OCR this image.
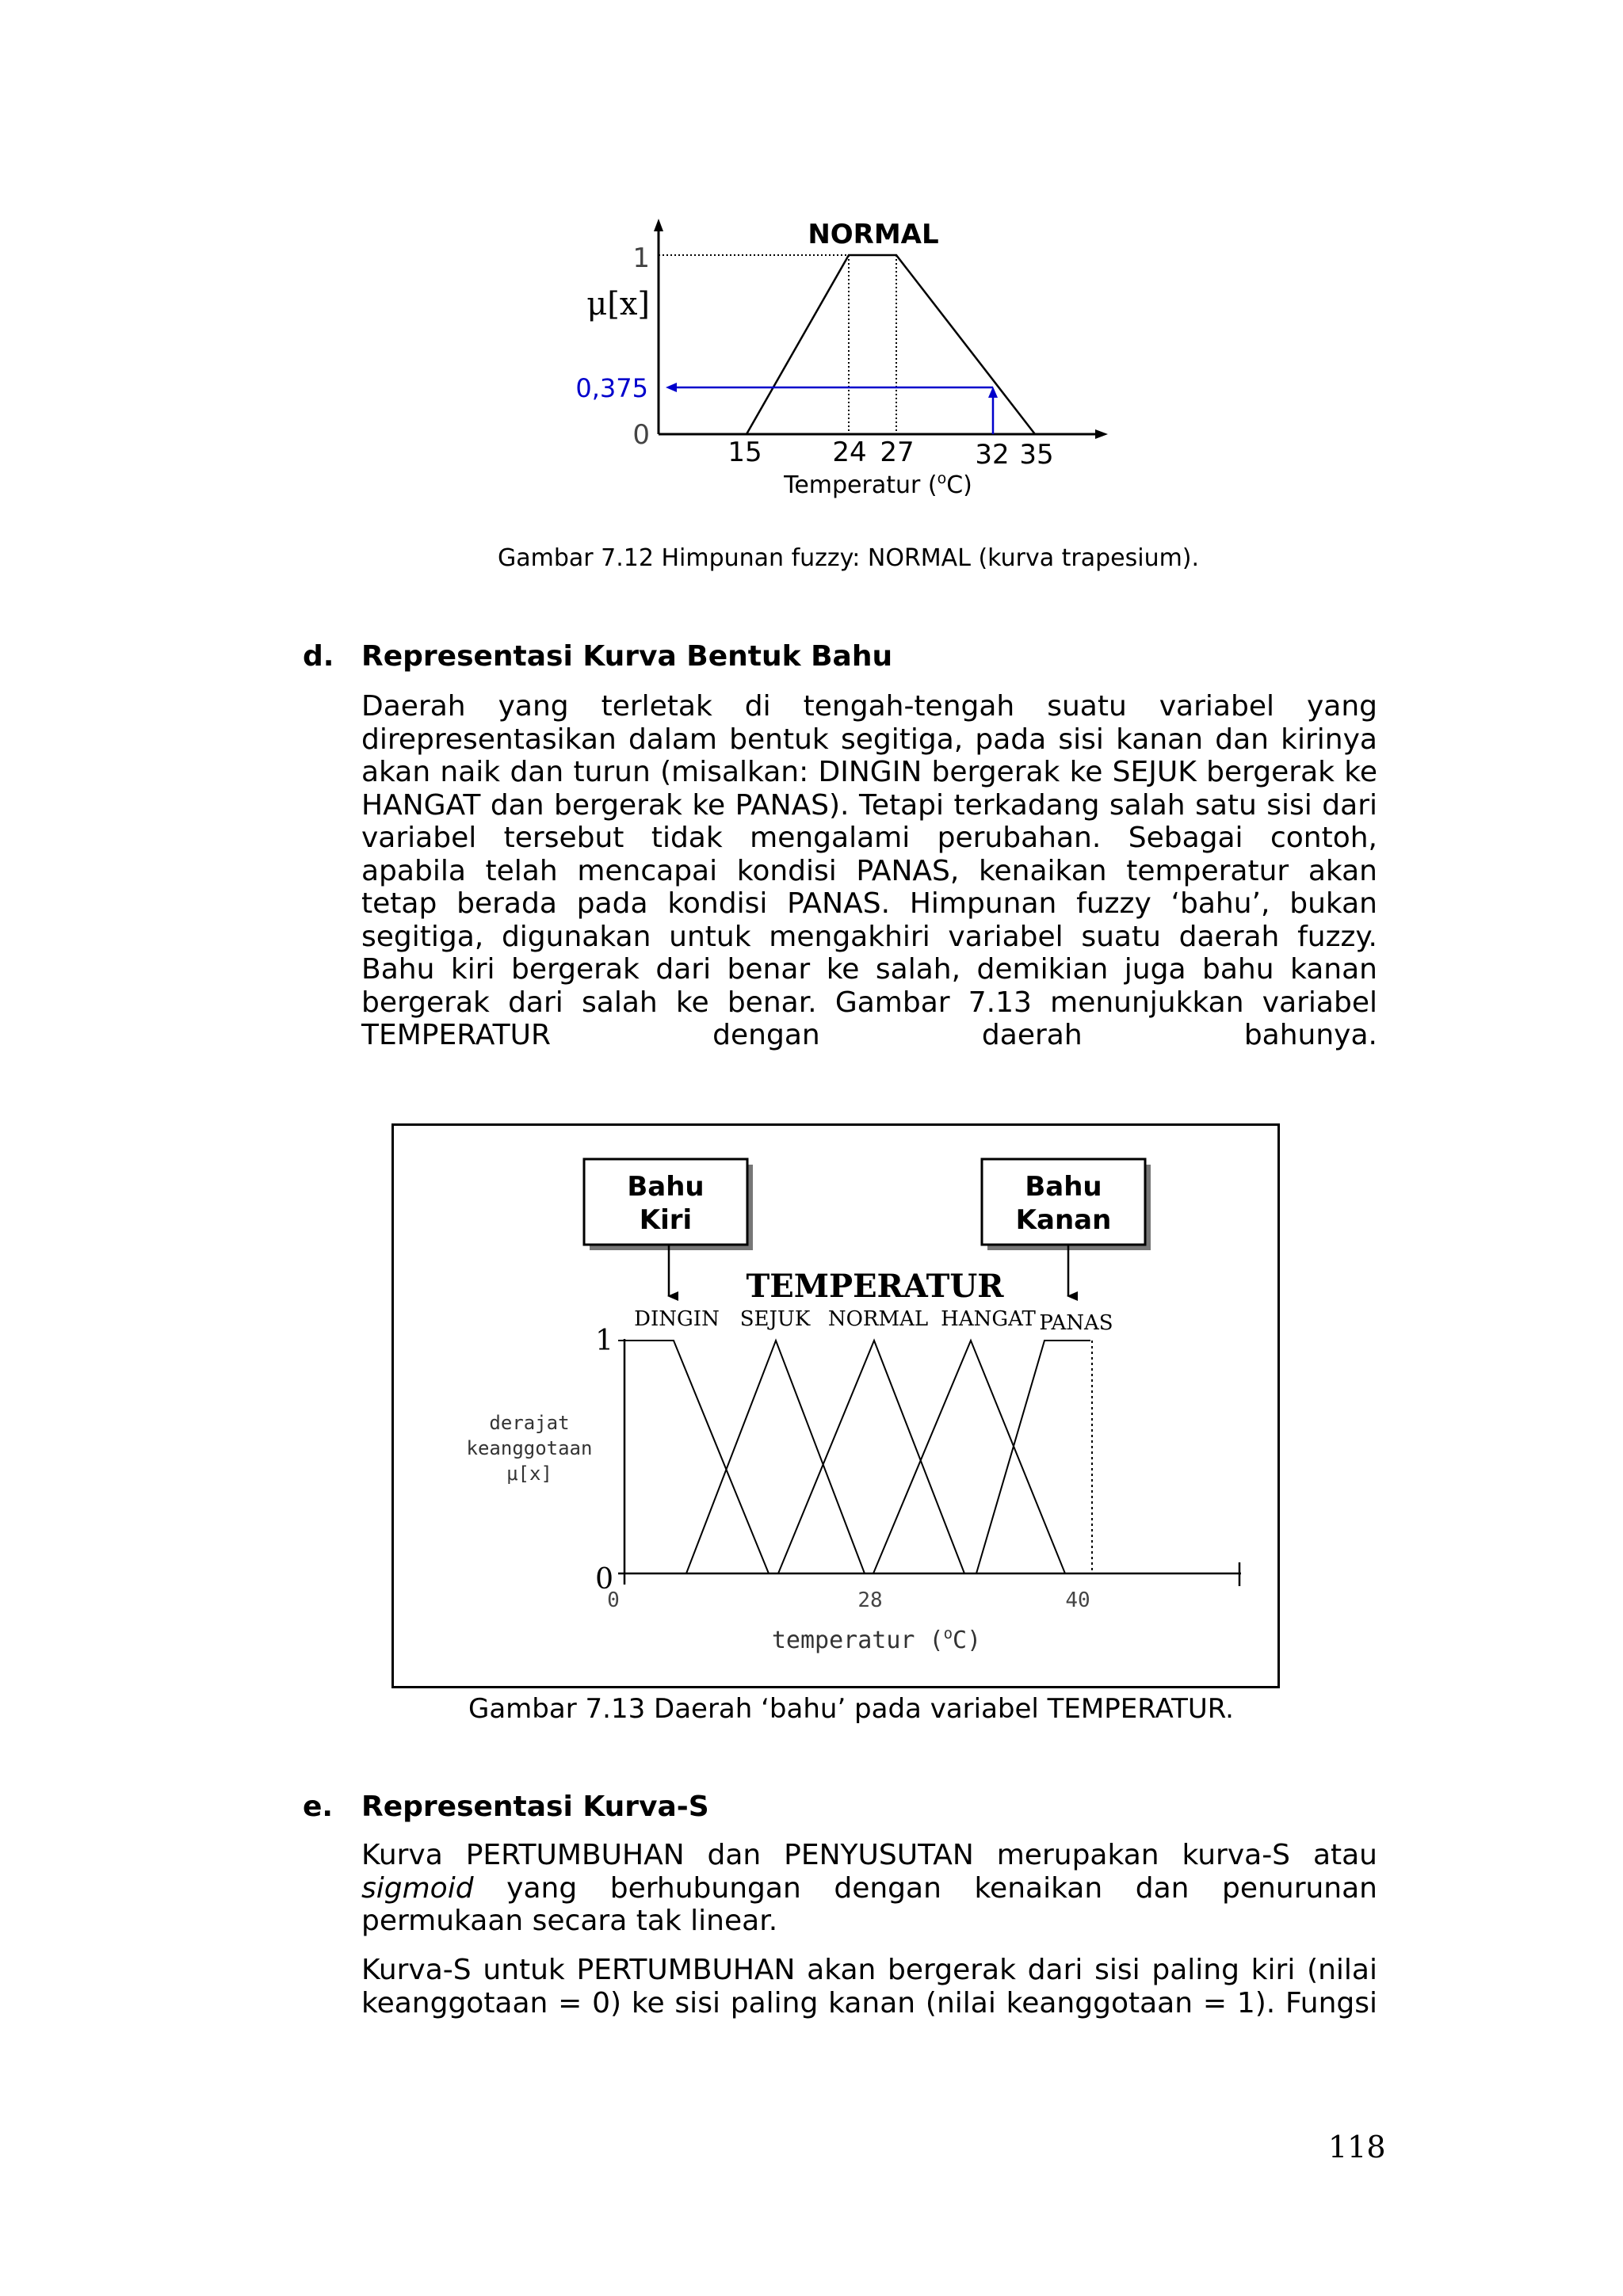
NORMAL
1
0
μ[x]
0,375
15	24 27 32 35
Temperatur ($^o$C)
Gambar 7.12 Himpunan fuzzy: NORMAL (kurva trapesium).
d. Representasi Kurva Bentuk Bahu
Daerah yang terletak di tengah-tengah suatu variabel yang direpresentasikan dalam bentuk segitiga, pada sisi kanan dan kirinya akan naik dan turun (misalkan: DINGIN bergerak ke SEJUK bergerak ke HANGAT dan bergerak ke PANAS). Tetapi terkadang salah satu sisi dari variabel tersebut tidak mengalami perubahan. Sebagai contoh, apabila telah mencapai kondisi PANAS, kenaikan temperatur akan tetap berada pada kondisi PANAS. Himpunan fuzzy ‘bahu’, bukan segitiga, digunakan untuk mengakhiri variabel suatu daerah fuzzy. Bahu kiri bergerak dari benar ke salah, demikian juga bahu kanan bergerak dari salah ke benar. Gambar 7.13 menunjukkan variabel TEMPERATUR dengan daerah bahunya.
Bahu
Kiri
Bahu
Kanan
TEMPERATUR
DINGIN SEJUK NORMAL HANGAT PANAS
1
0
derajat
keanggotaan
μ[x]
0	28	40
temperatur ($^o$C)
Gambar 7.13 Daerah ‘bahu’ pada variabel TEMPERATUR.
e. Representasi Kurva-S
Kurva PERTUMBUHAN dan PENYUSUTAN merupakan kurva-S atau sigmoid yang berhubungan dengan kenaikan dan penurunan permukaan secara tak linear.
Kurva-S untuk PERTUMBUHAN akan bergerak dari sisi paling kiri (nilai keanggotaan = 0) ke sisi paling kanan (nilai keanggotaan = 1). Fungsi
118
